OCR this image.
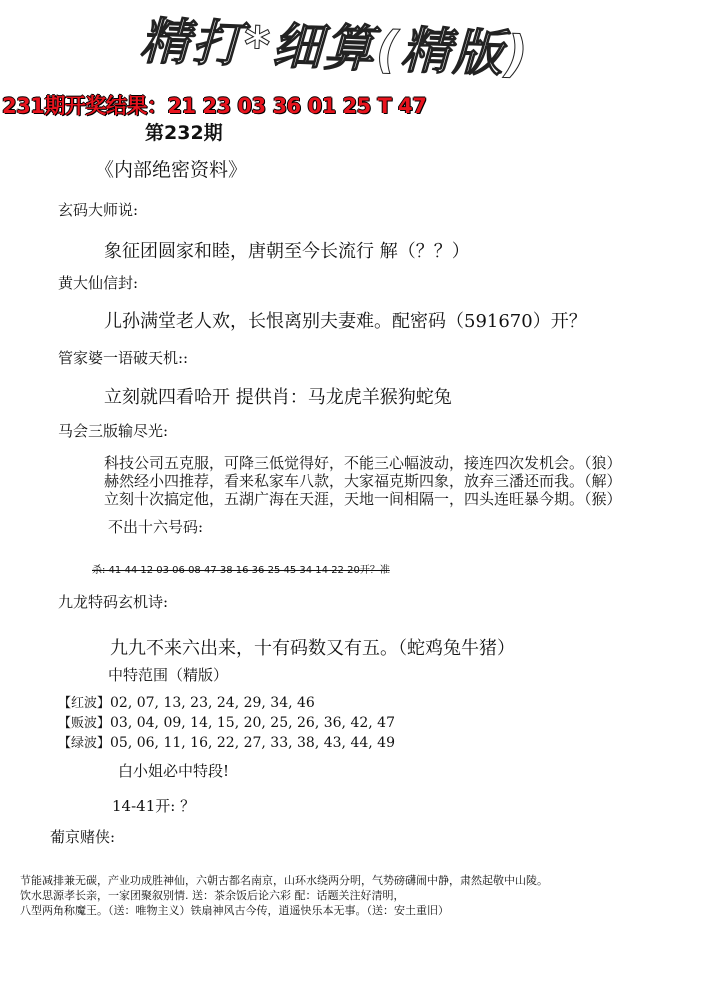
精打*细算(精版)
231期开奖结果：21 23 03 36 01 25 T 47
第232期
《内部绝密资料》
玄码大师说:
象征团圆家和睦，唐朝至今长流行 解（？？）
黄大仙信封:
儿孙满堂老人欢，长恨离别夫妻难。配密码（591670）开？
管家婆一语破天机::
立刻就四看哈开 提供肖：马龙虎羊猴狗蛇兔
马会三版输尽光:
科技公司五克服，可降三低觉得好，不能三心幅波动，接连四次发机会。（狼）
赫然经小四推荐，看来私家车八款，大家福克斯四象，放弃三潘还而我。（解）
立刻十次搞定他，五湖广海在天涯，天地一间相隔一，四头连旺暴今期。（猴）
不出十六号码:
杀: 41 44 12 03 06 08 47 38 16 36 25 45 34 14 22 20开？准
九龙特码玄机诗:
九九不来六出来，十有码数又有五。（蛇鸡兔牛猪）
中特范围（精版）
【红波】02, 07, 13, 23, 24, 29, 34, 46
【贩波】03, 04, 09, 14, 15, 20, 25, 26, 36, 42, 47
【绿波】05, 06, 11, 16, 22, 27, 33, 38, 43, 44, 49
白小姐必中特段!
14-41开: ？
葡京赌侠:
节能减排兼无碳，产业功成胜神仙，六朝古都名南京，山环水绕两分明，气势磅礴闹中静，肃然起敬中山陵。
饮水思源孝长亲，一家团聚叙别情. 送：茶余饭后论六彩 配：话题关注好清明，
八型两角称魔王。（送：唯物主义）铁扇神风古今传，逍遥快乐本无事。（送：安土重旧）
